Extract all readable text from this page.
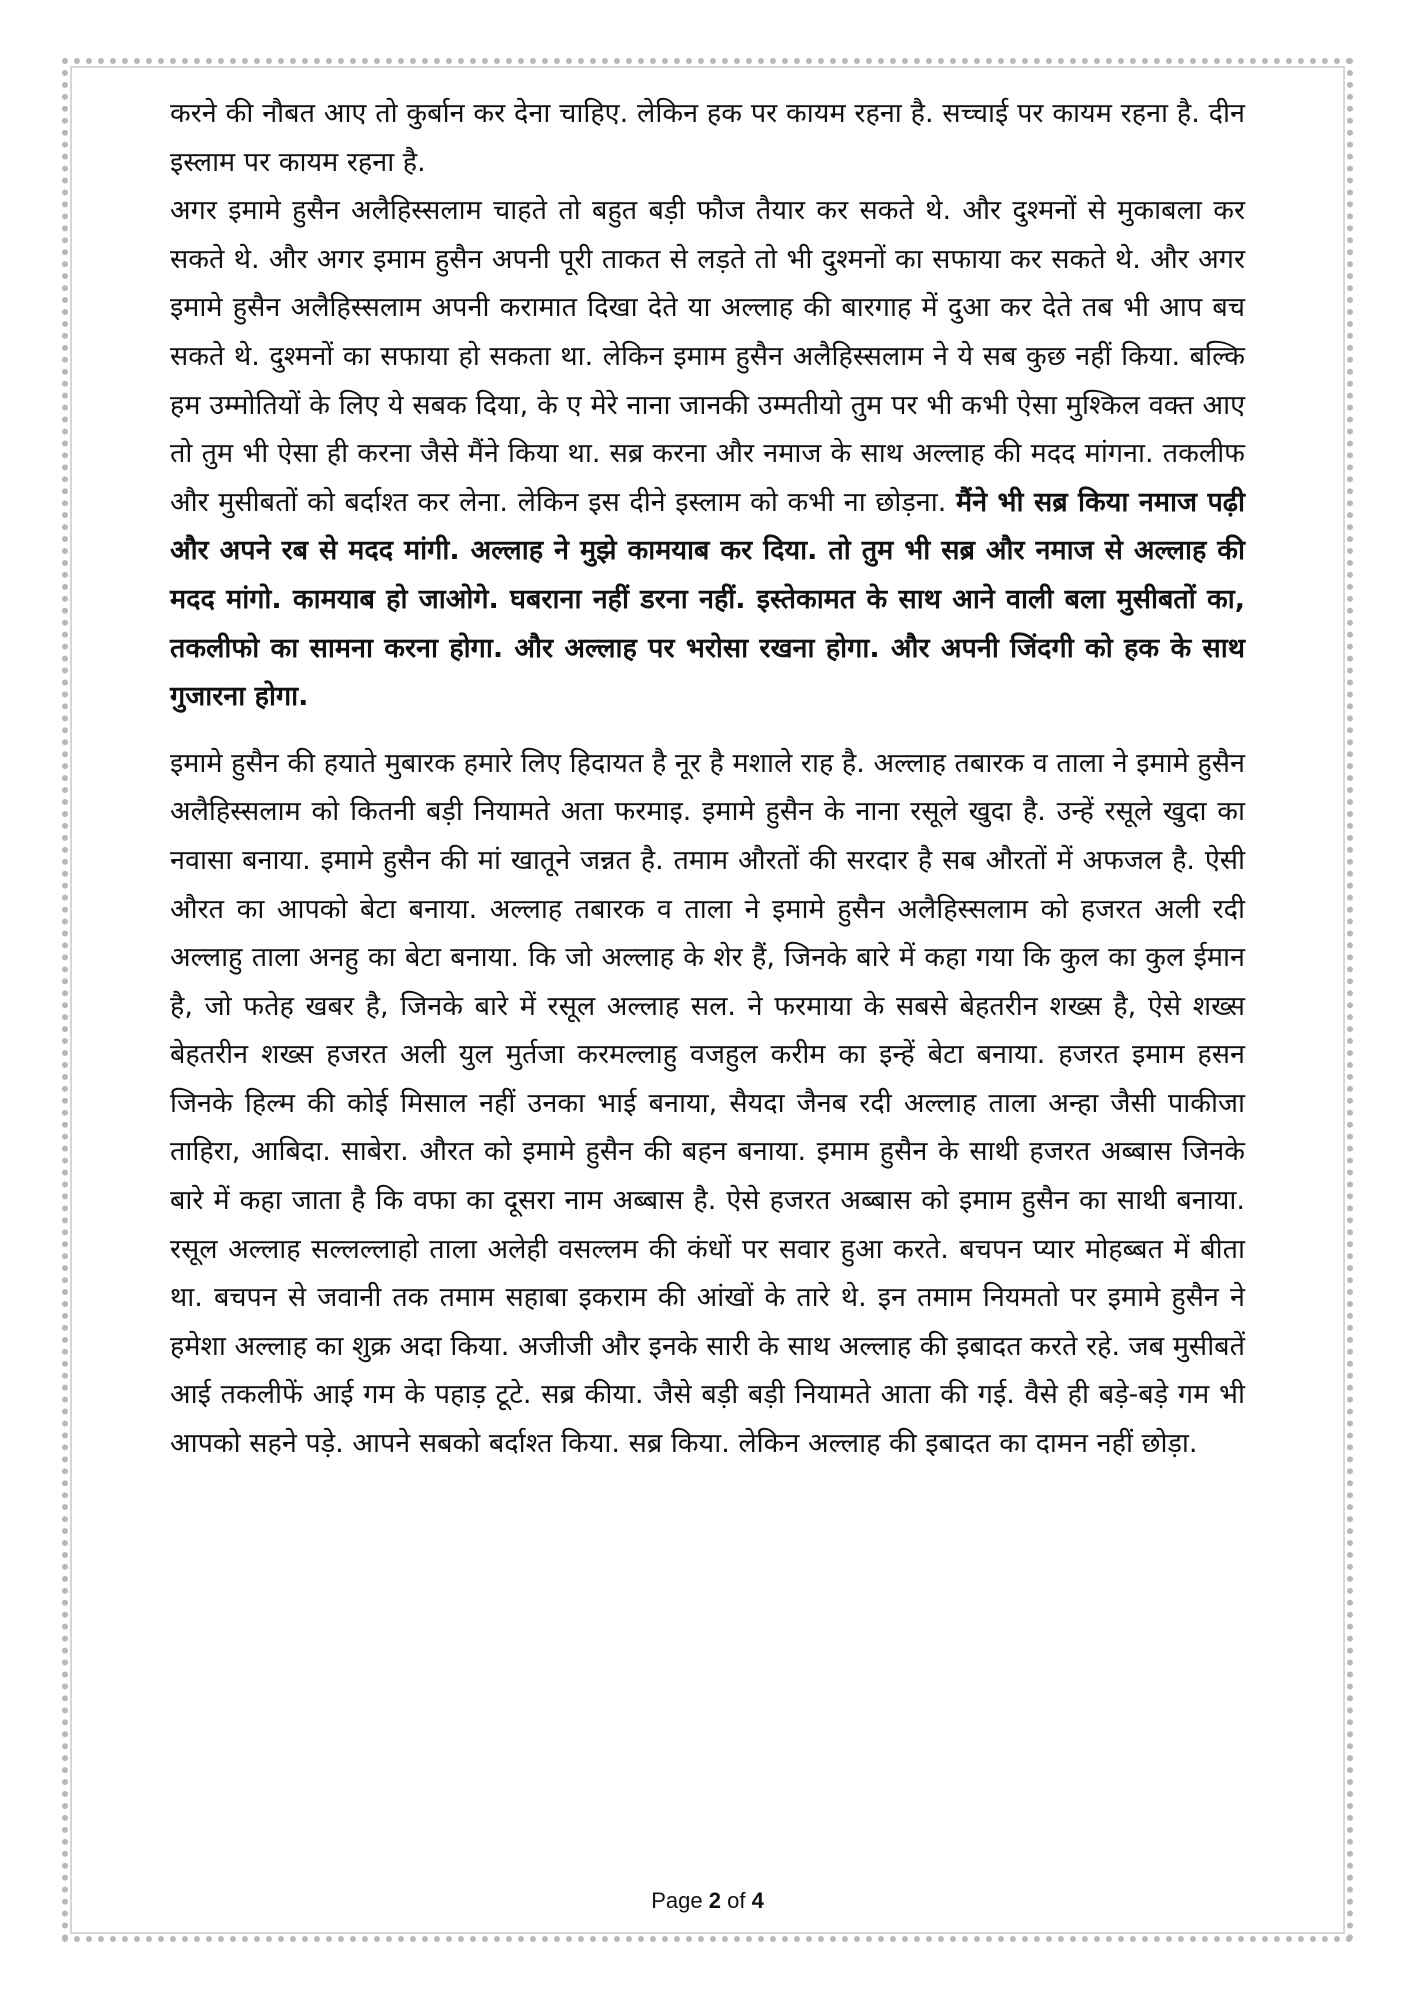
करने की नौबत आए तो कुर्बान कर देना चाहिए. लेकिन हक पर कायम रहना है. सच्चाई पर कायम रहना है. दीन इस्लाम पर कायम रहना है.

अगर इमामे हुसैन अलैहिस्सलाम चाहते तो बहुत बड़ी फौज तैयार कर सकते थे. और दुश्मनों से मुकाबला कर सकते थे. और अगर इमाम हुसैन अपनी पूरी ताकत से लड़ते तो भी दुश्मनों का सफाया कर सकते थे. और अगर इमामे हुसैन अलैहिस्सलाम अपनी करामात दिखा देते या अल्लाह की बारगाह में दुआ कर देते तब भी आप बच सकते थे. दुश्मनों का सफाया हो सकता था. लेकिन इमाम हुसैन अलैहिस्सलाम ने ये सब कुछ नहीं किया. बल्कि हम उम्मोतियों के लिए ये सबक दिया, के ए मेरे नाना जानकी उम्मतीयो तुम पर भी कभी ऐसा मुश्किल वक्त आए तो तुम भी ऐसा ही करना जैसे मैंने किया था. सब्र करना और नमाज के साथ अल्लाह की मदद मांगना. तकलीफ और मुसीबतों को बर्दाश्त कर लेना. लेकिन इस दीने इस्लाम को कभी ना छोड़ना. मैंने भी सब्र किया नमाज पढ़ी और अपने रब से मदद मांगी. अल्लाह ने मुझे कामयाब कर दिया. तो तुम भी सब्र और नमाज से अल्लाह की मदद मांगो. कामयाब हो जाओगे. घबराना नहीं डरना नहीं. इस्तेकामत के साथ आने वाली बला मुसीबतों का, तकलीफो का सामना करना होगा. और अल्लाह पर भरोसा रखना होगा. और अपनी जिंदगी को हक के साथ गुजारना होगा.

इमामे हुसैन की हयाते मुबारक हमारे लिए हिदायत है नूर है मशाले राह है. अल्लाह तबारक व ताला ने इमामे हुसैन अलैहिस्सलाम को कितनी बड़ी नियामते अता फरमाइ. इमामे हुसैन के नाना रसूले खुदा है. उन्हें रसूले खुदा का नवासा बनाया. इमामे हुसैन की मां खातूने जन्नत है. तमाम औरतों की सरदार है सब औरतों में अफजल है. ऐसी औरत का आपको बेटा बनाया. अल्लाह तबारक व ताला ने इमामे हुसैन अलैहिस्सलाम को हजरत अली रदी अल्लाहु ताला अनहु का बेटा बनाया. कि जो अल्लाह के शेर हैं, जिनके बारे में कहा गया कि कुल का कुल ईमान है, जो फतेह खबर है, जिनके बारे में रसूल अल्लाह सल. ने फरमाया के सबसे बेहतरीन शख्स है, ऐसे शख्स बेहतरीन शख्स हजरत अली युल मुर्तजा करमल्लाहु वजहुल करीम का इन्हें बेटा बनाया. हजरत इमाम हसन जिनके हिल्म की कोई मिसाल नहीं उनका भाई बनाया, सैयदा जैनब रदी अल्लाह ताला अन्हा जैसी पाकीजा ताहिरा, आबिदा. साबेरा. औरत को इमामे हुसैन की बहन बनाया. इमाम हुसैन के साथी हजरत अब्बास जिनके बारे में कहा जाता है कि वफा का दूसरा नाम अब्बास है. ऐसे हजरत अब्बास को इमाम हुसैन का साथी बनाया. रसूल अल्लाह सल्लल्लाहो ताला अलेही वसल्लम की कंधों पर सवार हुआ करते. बचपन प्यार मोहब्बत में बीता था. बचपन से जवानी तक तमाम सहाबा इकराम की आंखों के तारे थे. इन तमाम नियमतो पर इमामे हुसैन ने हमेशा अल्लाह का शुक्र अदा किया. अजीजी और इनके सारी के साथ अल्लाह की इबादत करते रहे. जब मुसीबतें आई तकलीफें आई गम के पहाड़ टूटे. सब्र कीया. जैसे बड़ी बड़ी नियामते आता की गई. वैसे ही बड़े-बड़े गम भी आपको सहने पड़े. आपने सबको बर्दाश्त किया. सब्र किया. लेकिन अल्लाह की इबादत का दामन नहीं छोड़ा.

Page 2 of 4
